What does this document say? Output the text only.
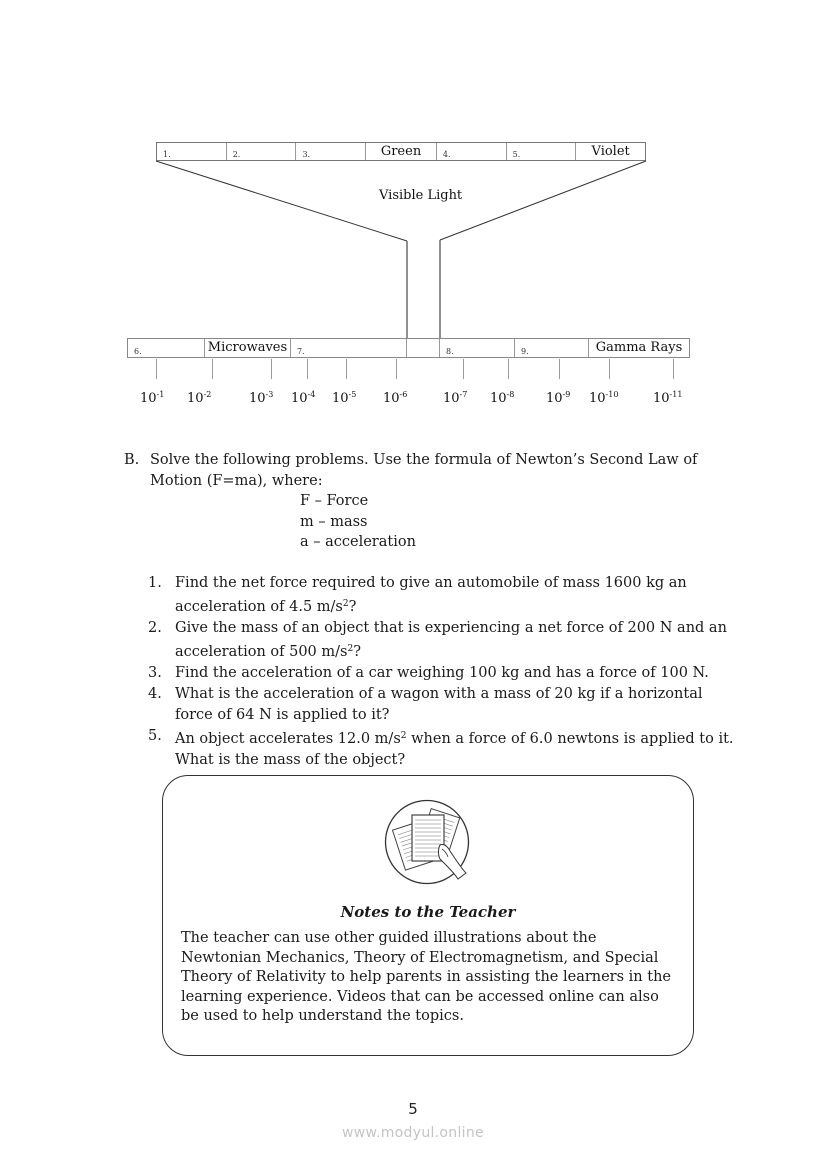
1.	2.	3.	Green	4.	5.	Violet
Visible Light
6.	Microwaves	7.	8.	9.	Gamma Rays
$10^{-1}$ $10^{-2}$	$10^{-3}$ $10^{-4}$ $10^{-5}$ $10^{-6}$	$10^{-7}$ $10^{-8}$ $10^{-9}$ $10^{-10}$	$10^{-11}$
B. Solve the following problems. Use the formula of Newton’s Second Law of Motion (F=ma), where:
F – Force
m – mass
a – acceleration
1. Find the net force required to give an automobile of mass 1600 kg an acceleration of 4.5 $m/s^2$?
2. Give the mass of an object that is experiencing a net force of 200 N and an acceleration of 500 $m/s^2$?
3. Find the acceleration of a car weighing 100 kg and has a force of 100 N.
4. What is the acceleration of a wagon with a mass of 20 kg if a horizontal force of 64 N is applied to it?
5. An object accelerates 12.0 $m/s^2$ when a force of 6.0 newtons is applied to it. What is the mass of the object?
Notes to the Teacher
The teacher can use other guided illustrations about the Newtonian Mechanics, Theory of Electromagnetism, and Special Theory of Relativity to help parents in assisting the learners in the learning experience. Videos that can be accessed online can also be used to help understand the topics.
5
www.modyul.online
